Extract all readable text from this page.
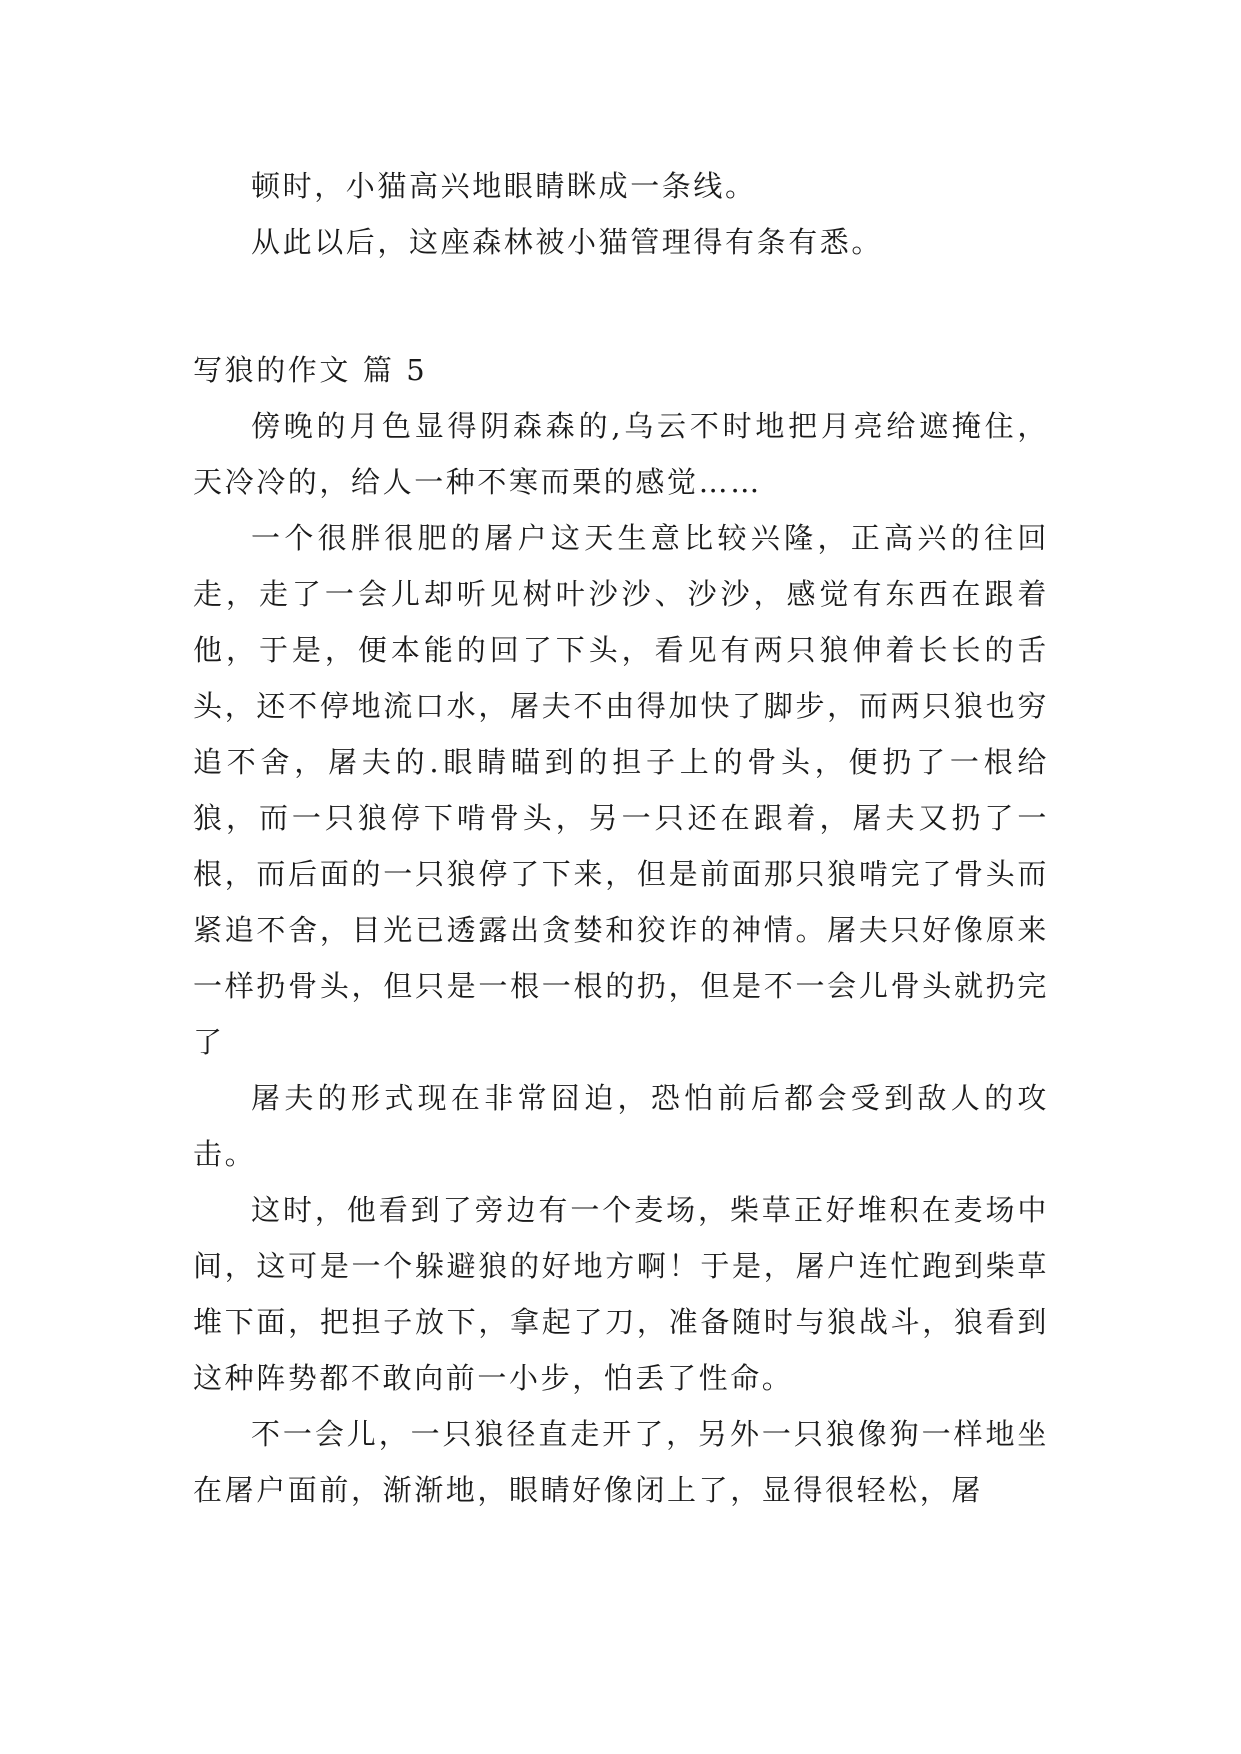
顿时，小猫高兴地眼睛眯成一条线。

从此以后，这座森林被小猫管理得有条有悉。

写狼的作文 篇 5

傍晚的月色显得阴森森的,乌云不时地把月亮给遮掩住，天冷冷的，给人一种不寒而栗的感觉……

一个很胖很肥的屠户这天生意比较兴隆，正高兴的往回走，走了一会儿却听见树叶沙沙、沙沙，感觉有东西在跟着他，于是，便本能的回了下头，看见有两只狼伸着长长的舌头，还不停地流口水，屠夫不由得加快了脚步，而两只狼也穷追不舍，屠夫的.眼睛瞄到的担子上的骨头，便扔了一根给狼，而一只狼停下啃骨头，另一只还在跟着，屠夫又扔了一根，而后面的一只狼停了下来，但是前面那只狼啃完了骨头而紧追不舍，目光已透露出贪婪和狡诈的神情。屠夫只好像原来一样扔骨头，但只是一根一根的扔，但是不一会儿骨头就扔完了

屠夫的形式现在非常囧迫，恐怕前后都会受到敌人的攻击。

这时，他看到了旁边有一个麦场，柴草正好堆积在麦场中间，这可是一个躲避狼的好地方啊！于是，屠户连忙跑到柴草堆下面，把担子放下，拿起了刀，准备随时与狼战斗，狼看到这种阵势都不敢向前一小步，怕丢了性命。

不一会儿，一只狼径直走开了，另外一只狼像狗一样地坐在屠户面前，渐渐地，眼睛好像闭上了，显得很轻松，屠
